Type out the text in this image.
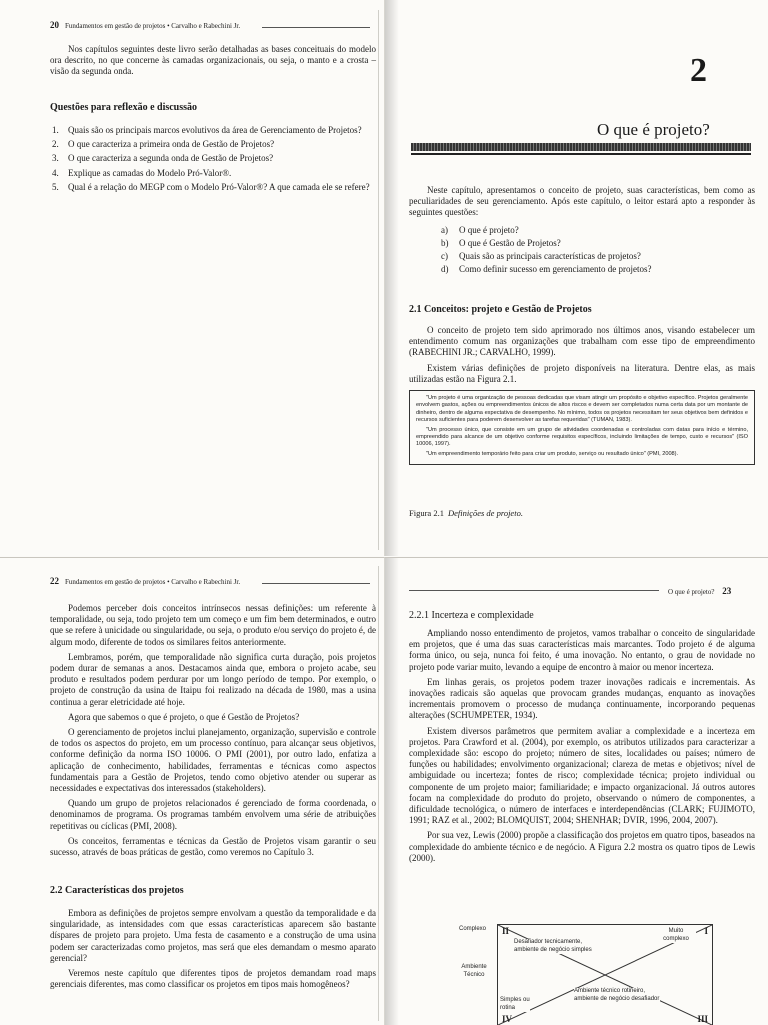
20 Fundamentos em gestão de projetos • Carvalho e Rabechini Jr.

Nos capítulos seguintes deste livro serão detalhadas as bases conceituais do modelo ora descrito, no que concerne às camadas organizacionais, ou seja, o manto e a crosta – visão da segunda onda.

Questões para reflexão e discussão
1. Quais são os principais marcos evolutivos da área de Gerenciamento de Projetos?
2. O que caracteriza a primeira onda de Gestão de Projetos?
3. O que caracteriza a segunda onda de Gestão de Projetos?
4. Explique as camadas do Modelo Pró-Valor®.
5. Qual é a relação do MEGP com o Modelo Pró-Valor®? A que camada ele se refere?
2
O que é projeto?

Neste capítulo, apresentamos o conceito de projeto, suas características, bem como as peculiaridades de seu gerenciamento. Após este capítulo, o leitor estará apto a responder às seguintes questões:

a) O que é projeto?
b) O que é Gestão de Projetos?
c) Quais são as principais características de projetos?
d) Como definir sucesso em gerenciamento de projetos?
2.1 Conceitos: projeto e Gestão de Projetos

O conceito de projeto tem sido aprimorado nos últimos anos, visando estabelecer um entendimento comum nas organizações que trabalham com esse tipo de empreendimento (RABECHINI JR.; CARVALHO, 1999).

Existem várias definições de projeto disponíveis na literatura. Dentre elas, as mais utilizadas estão na Figura 2.1.

"Um projeto é uma organização de pessoas dedicadas que visam atingir um propósito e objetivo específico. Projetos geralmente envolvem gastos, ações ou empreendimentos únicos de altos riscos e devem ser completados numa certa data por um montante de dinheiro, dentro de alguma expectativa de desempenho. No mínimo, todos os projetos necessitam ter seus objetivos bem definidos e recursos suficientes para poderem desenvolver as tarefas requeridas" (TUMAN, 1983).

"Um processo único, que consiste em um grupo de atividades coordenadas e controladas com datas para início e término, empreendido para alcance de um objetivo conforme requisitos específicos, incluindo limitações de tempo, custo e recursos" (ISO 10006, 1997).

"Um empreendimento temporário feito para criar um produto, serviço ou resultado único" (PMI, 2008).

Figura 2.1 Definições de projeto.
22 Fundamentos em gestão de projetos • Carvalho e Rabechini Jr.

Podemos perceber dois conceitos intrínsecos nessas definições: um referente à temporalidade, ou seja, todo projeto tem um começo e um fim bem determinados, e outro que se refere à unicidade ou singularidade, ou seja, o produto e/ou serviço do projeto é, de algum modo, diferente de todos os similares feitos anteriormente.

Lembramos, porém, que temporalidade não significa curta duração, pois projetos podem durar de semanas a anos. Destacamos ainda que, embora o projeto acabe, seu produto e resultados podem perdurar por um longo período de tempo. Por exemplo, o projeto de construção da usina de Itaipu foi realizado na década de 1980, mas a usina continua a gerar eletricidade até hoje.

Agora que sabemos o que é projeto, o que é Gestão de Projetos?

O gerenciamento de projetos inclui planejamento, organização, supervisão e controle de todos os aspectos do projeto, em um processo contínuo, para alcançar seus objetivos, conforme definição da norma ISO 10006. O PMI (2001), por outro lado, enfatiza a aplicação de conhecimento, habilidades, ferramentas e técnicas como aspectos fundamentais para a Gestão de Projetos, tendo como objetivo atender ou superar as necessidades e expectativas dos interessados (stakeholders).

Quando um grupo de projetos relacionados é gerenciado de forma coordenada, o denominamos de programa. Os programas também envolvem uma série de atribuições repetitivas ou cíclicas (PMI, 2008).

Os conceitos, ferramentas e técnicas da Gestão de Projetos visam garantir o seu sucesso, através de boas práticas de gestão, como veremos no Capítulo 3.

2.2 Características dos projetos

Embora as definições de projetos sempre envolvam a questão da temporalidade e da singularidade, as intensidades com que essas características aparecem são bastante díspares de projeto para projeto. Uma festa de casamento e a construção de uma usina podem ser caracterizadas como projetos, mas será que eles demandam o mesmo aparato gerencial?

Veremos neste capítulo que diferentes tipos de projetos demandam road maps gerenciais diferentes, mas como classificar os projetos em tipos mais homogêneos?

O que é projeto? 23
2.2.1 Incerteza e complexidade

Ampliando nosso entendimento de projetos, vamos trabalhar o conceito de singularidade em projetos, que é uma das suas características mais marcantes. Todo projeto é de alguma forma único, ou seja, nunca foi feito, é uma inovação. No entanto, o grau de novidade no projeto pode variar muito, levando a equipe de encontro à maior ou menor incerteza.

Em linhas gerais, os projetos podem trazer inovações radicais e incrementais. As inovações radicais são aquelas que provocam grandes mudanças, enquanto as inovações incrementais promovem o processo de mudança continuamente, incorporando pequenas alterações (SCHUMPETER, 1934).

Existem diversos parâmetros que permitem avaliar a complexidade e a incerteza em projetos. Para Crawford et al. (2004), por exemplo, os atributos utilizados para caracterizar a complexidade são: escopo do projeto; número de sites, localidades ou países; número de funções ou habilidades; envolvimento organizacional; clareza de metas e objetivos; nível de ambiguidade ou incerteza; fontes de risco; complexidade técnica; projeto individual ou componente de um projeto maior; familiaridade; e impacto organizacional. Já outros autores focam na complexidade do produto do projeto, observando o número de componentes, a dificuldade tecnológica, o número de interfaces e interdependências (CLARK; FUJIMOTO, 1991; RAZ et al., 2002; BLOMQUIST, 2004; SHENHAR; DVIR, 1996, 2004, 2007).

Por sua vez, Lewis (2000) propõe a classificação dos projetos em quatro tipos, baseados na complexidade do ambiente técnico e de negócio. A Figura 2.2 mostra os quatro tipos de Lewis (2000).

Complexo
Ambiente Técnico
II	I
IV	III
Desafiador tecnicamente, ambiente de negócio simples
Muito complexo
Ambiente técnico rotineiro, ambiente de negócio desafiador
Simples ou rotina
